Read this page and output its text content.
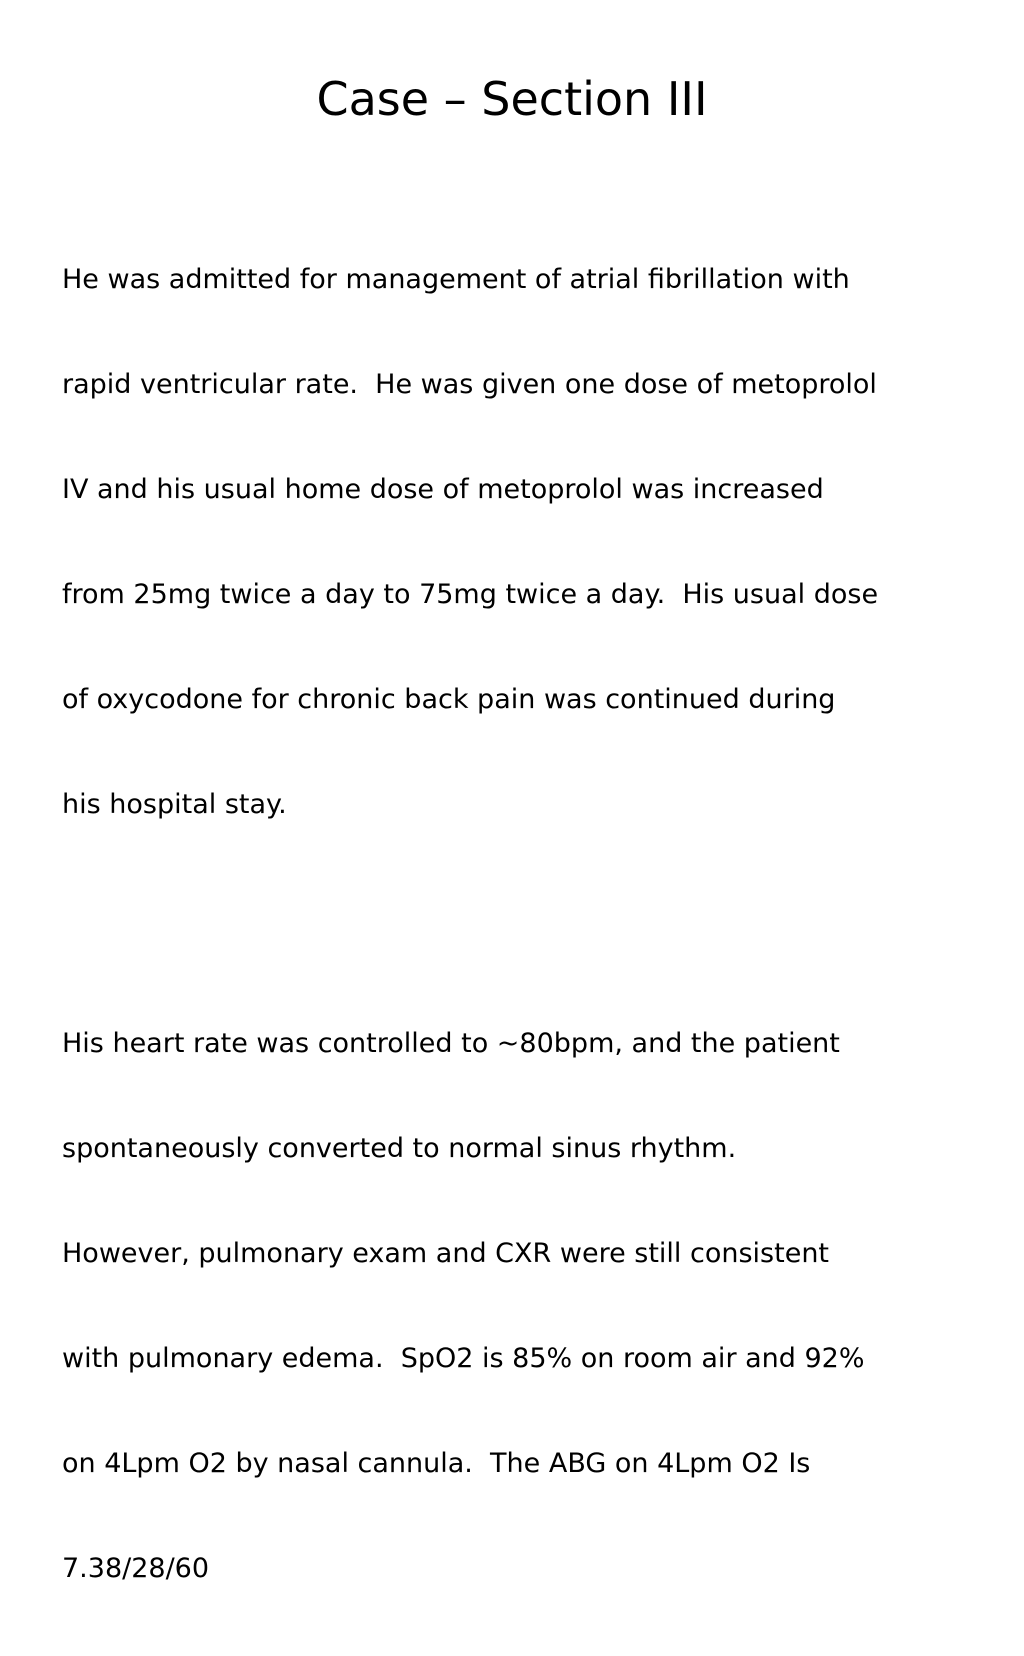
Case – Section III

He was admitted for management of atrial fibrillation with

rapid ventricular rate.  He was given one dose of metoprolol

IV and his usual home dose of metoprolol was increased

from 25mg twice a day to 75mg twice a day.  His usual dose

of oxycodone for chronic back pain was continued during

his hospital stay.

His heart rate was controlled to ~80bpm, and the patient

spontaneously converted to normal sinus rhythm.

However, pulmonary exam and CXR were still consistent

with pulmonary edema.  SpO2 is 85% on room air and 92%

on 4Lpm O2 by nasal cannula.  The ABG on 4Lpm O2 Is

7.38/28/60
